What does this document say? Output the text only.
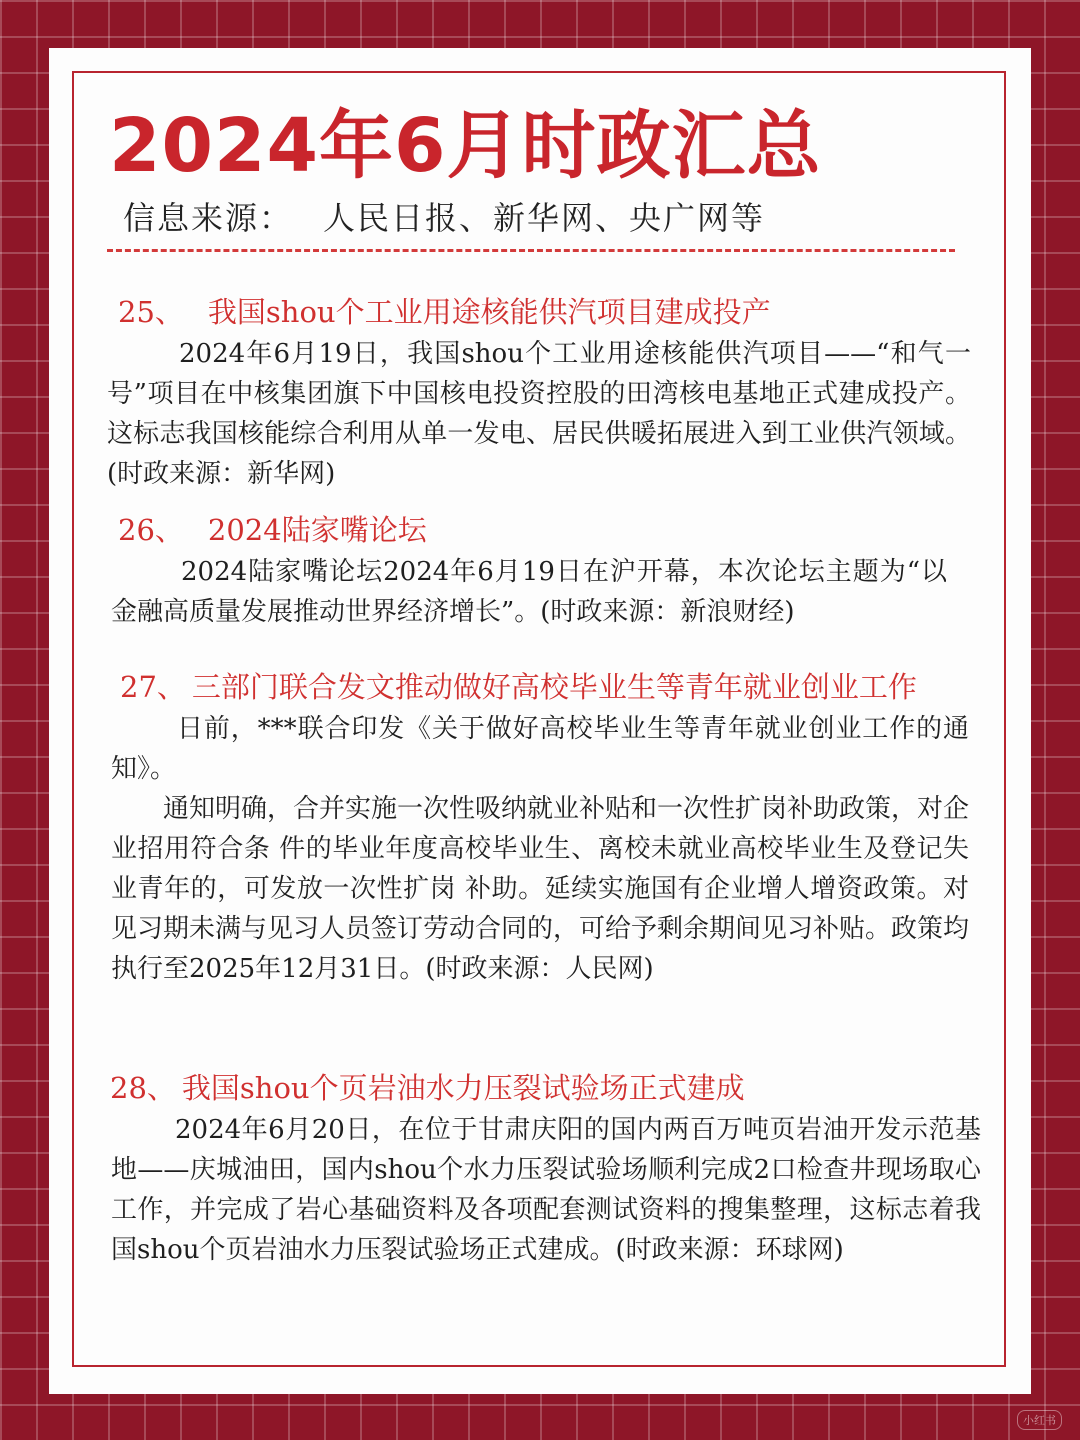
2024年6月时政汇总
信息来源： 人民日报、新华网、央广网等
25、 我国shou个工业用途核能供汽项目建成投产

2024年6月19日，我国shou个工业用途核能供汽项目——“和气一号”项目在中核集团旗下中国核电投资控股的田湾核电基地正式建成投产。这标志我国核能综合利用从单一发电、居民供暖拓展进入到工业供汽领域。(时政来源：新华网)

26、 2024陆家嘴论坛

2024陆家嘴论坛2024年6月19日在沪开幕，本次论坛主题为“以金融高质量发展推动世界经济增长”。(时政来源：新浪财经)

27、 三部门联合发文推动做好高校毕业生等青年就业创业工作

日前，***联合印发《关于做好高校毕业生等青年就业创业工作的通知》。

通知明确，合并实施一次性吸纳就业补贴和一次性扩岗补助政策，对企业招用符合条 件的毕业年度高校毕业生、离校未就业高校毕业生及登记失业青年的，可发放一次性扩岗 补助。延续实施国有企业增人增资政策。对见习期未满与见习人员签订劳动合同的，可给予剩余期间见习补贴。政策均执行至2025年12月31日。(时政来源：人民网)

28、 我国shou个页岩油水力压裂试验场正式建成

2024年6月20日，在位于甘肃庆阳的国内两百万吨页岩油开发示范基地——庆城油田，国内shou个水力压裂试验场顺利完成2口检查井现场取心工作，并完成了岩心基础资料及各项配套测试资料的搜集整理，这标志着我国shou个页岩油水力压裂试验场正式建成。(时政来源：环球网)

小红书
